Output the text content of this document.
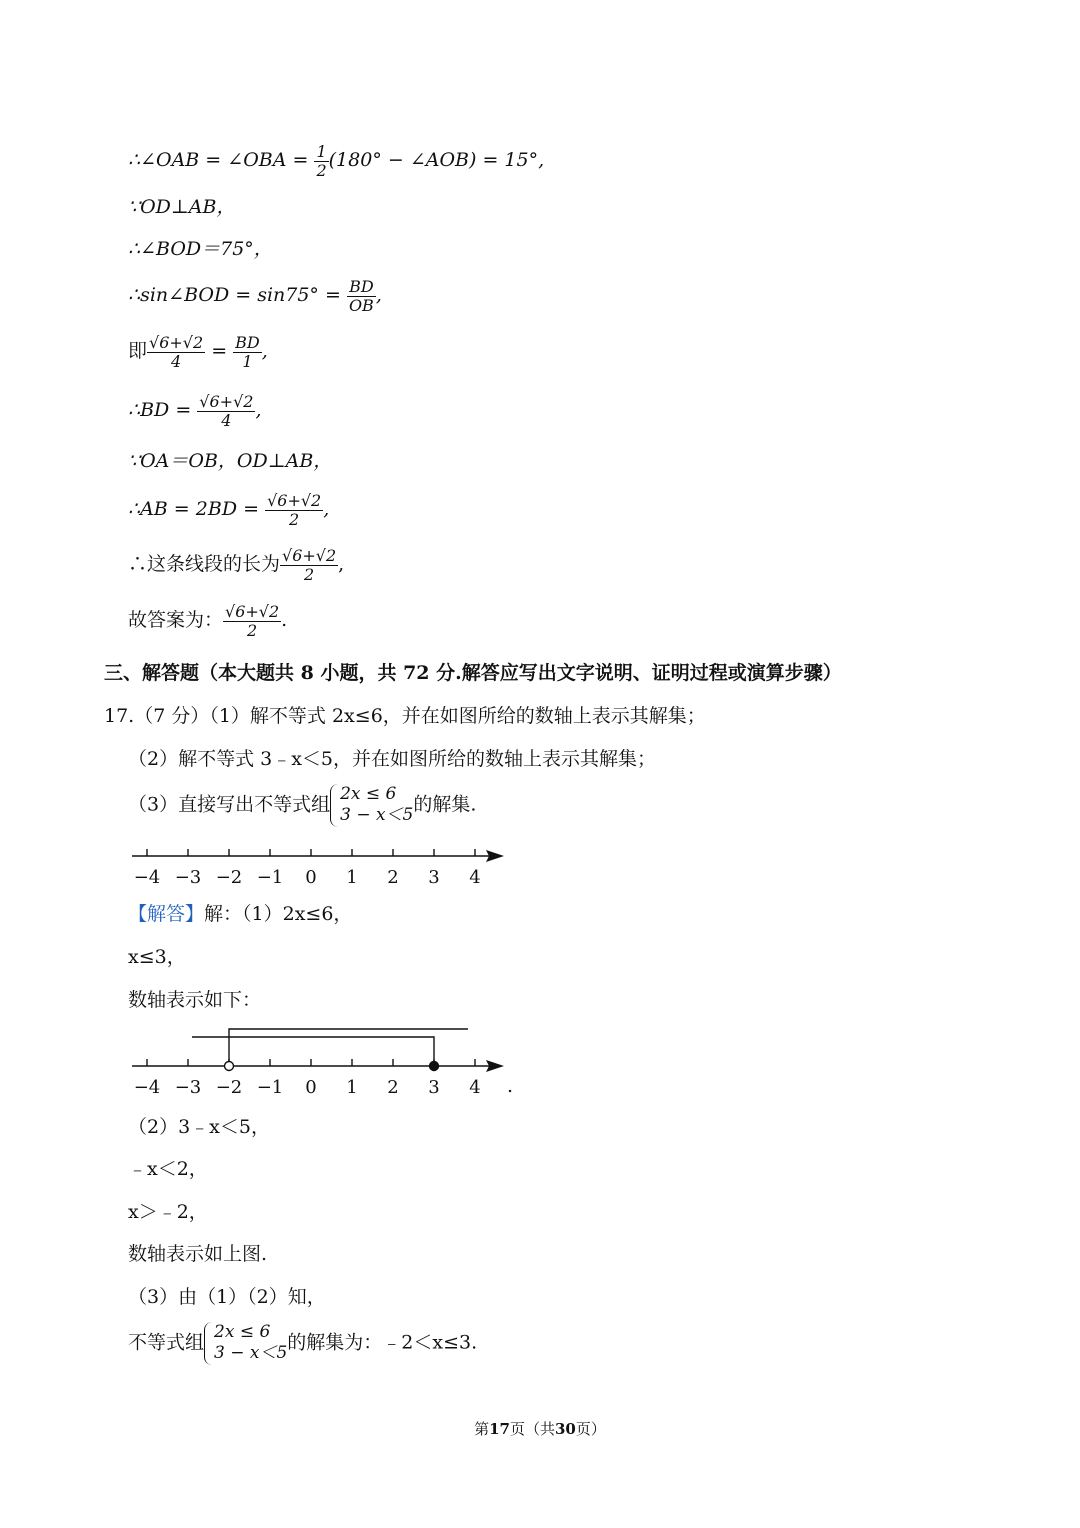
∴∠OAB = ∠OBA = $\frac{1}{2} (180^\circ$ − ∠AOB) = 15°,
∵OD⊥AB，
∴∠BOD＝75°，
∴sin∠BOD = $\sin 75^\circ = \frac{BD}{OB}$ ,
即 $\frac{√6+√2}{4} = \frac{BD}{1}$ ,
∴BD = $\frac{√6+√2}{4}$ ,
∵OA＝OB，OD⊥AB，
∴AB = $2BD = \frac{√6+√2}{2}$ ,
∴这条线段的长为 $\frac{√6+√2}{2}$ ,
故答案为： $\frac{√6+√2}{2}$ .
三、解答题（本大题共 8 小题，共 72 分.解答应写出文字说明、证明过程或演算步骤）
17.（7 分）（1）解不等式 2x≤6，并在如图所给的数轴上表示其解集；
（2）解不等式 3﹣x＜5，并在如图所给的数轴上表示其解集；
（3）直接写出不等式组 2x ≤ 6
3 − x＜5 的解集.
−4 −3 −2 −1 0 1 2 3 4
【解答】解：（1）2x≤6，
x≤3，
数轴表示如下：
−4 −3 −2 −1 0 1 2 3 4 .
（2）3﹣x＜5，
﹣x＜2，
x＞﹣2，
数轴表示如上图.
（3）由（1）（2）知，
不等式组 2x ≤ 6
3 − x＜5 的解集为：﹣2＜x≤3.
第17页（共30页）
